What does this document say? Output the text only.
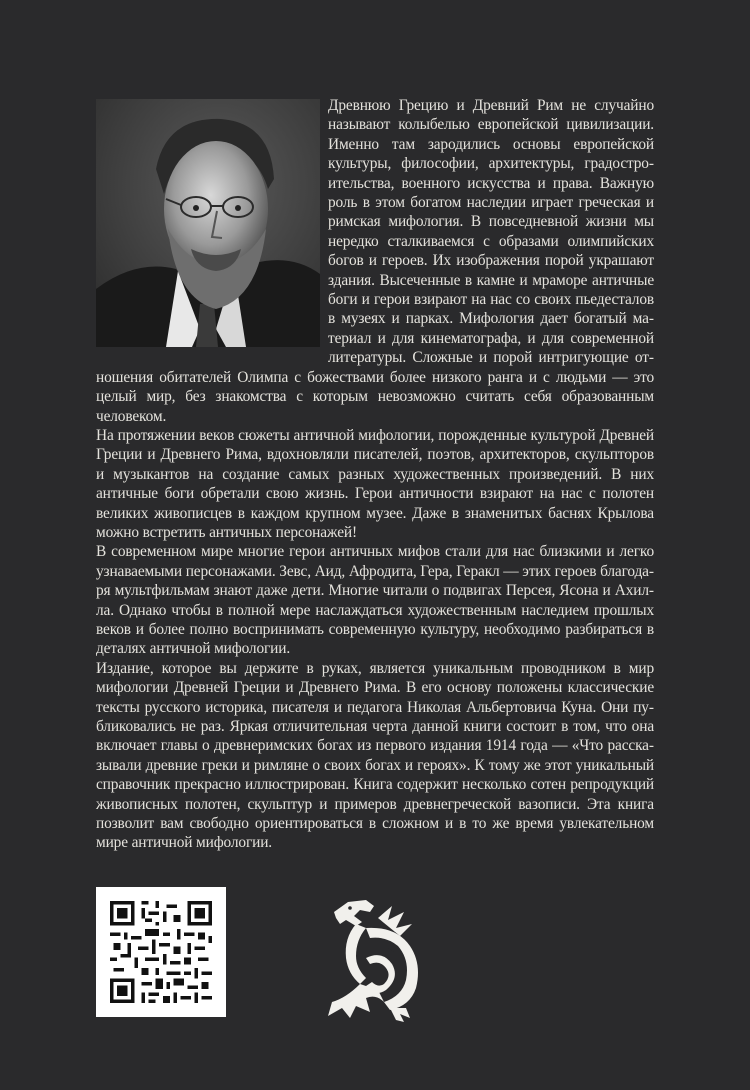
Древнюю Грецию и Древний Рим не случайно называют колыбелью европейской цивилизации. Именно там зародились основы европейской культуры, философии, архитектуры, градостроительства, военного искусства и права. Важную роль в этом богатом наследии играет греческая и римская мифология. В повседневной жизни мы нередко сталкиваемся с образами олимпийских богов и героев. Их изображения порой украшают здания. Высеченные в камне и мраморе античные боги и герои взирают на нас со своих пьедесталов в музеях и парках. Мифология дает богатый материал и для кинематографа, и для современной литературы. Сложные и порой интригующие отношения обитателей Олимпа с божествами более низкого ранга и с людьми — это целый мир, без знакомства с которым невозможно считать себя образованным человеком.

На протяжении веков сюжеты античной мифологии, порожденные культурой Древней Греции и Древнего Рима, вдохновляли писателей, поэтов, архитекторов, скульпторов и музыкантов на создание самых разных художественных произведений. В них античные боги обретали свою жизнь. Герои античности взирают на нас с полотен великих живописцев в каждом крупном музее. Даже в знаменитых баснях Крылова можно встретить античных персонажей!

В современном мире многие герои античных мифов стали для нас близкими и легко узнаваемыми персонажами. Зевс, Аид, Афродита, Гера, Геракл — этих героев благодаря мультфильмам знают даже дети. Многие читали о подвигах Персея, Ясона и Ахилла. Однако чтобы в полной мере наслаждаться художественным наследием прошлых веков и более полно воспринимать современную культуру, необходимо разбираться в деталях античной мифологии.

Издание, которое вы держите в руках, является уникальным проводником в мир мифологии Древней Греции и Древнего Рима. В его основу положены классические тексты русского историка, писателя и педагога Николая Альбертовича Куна. Они публиковались не раз. Яркая отличительная черта данной книги состоит в том, что она включает главы о древнеримских богах из первого издания 1914 года — «Что рассказывали древние греки и римляне о своих богах и героях». К тому же этот уникальный справочник прекрасно иллюстрирован. Книга содержит несколько сотен репродукций живописных полотен, скульптур и примеров древнегреческой вазописи. Эта книга позволит вам свободно ориентироваться в сложном и в то же время увлекательном мире античной мифологии.
